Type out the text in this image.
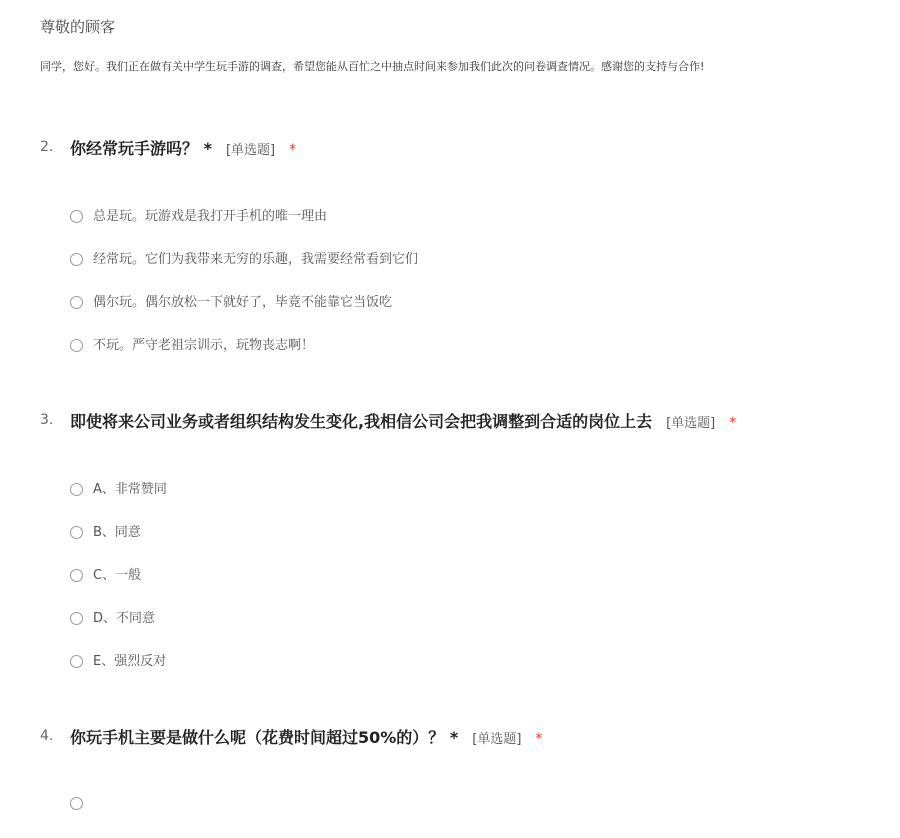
尊敬的顾客
同学，您好。我们正在做有关中学生玩手游的调查，希望您能从百忙之中抽点时间来参加我们此次的问卷调查情况。感谢您的支持与合作!
2. 你经常玩手游吗？ * [单选题] *
总是玩。玩游戏是我打开手机的唯一理由
经常玩。它们为我带来无穷的乐趣，我需要经常看到它们
偶尔玩。偶尔放松一下就好了，毕竟不能靠它当饭吃
不玩。严守老祖宗训示，玩物丧志啊！
3. 即使将来公司业务或者组织结构发生变化,我相信公司会把我调整到合适的岗位上去 [单选题] *
A、非常赞同
B、同意
C、一般
D、不同意
E、强烈反对
4. 你玩手机主要是做什么呢（花费时间超过50%的）？ * [单选题] *
